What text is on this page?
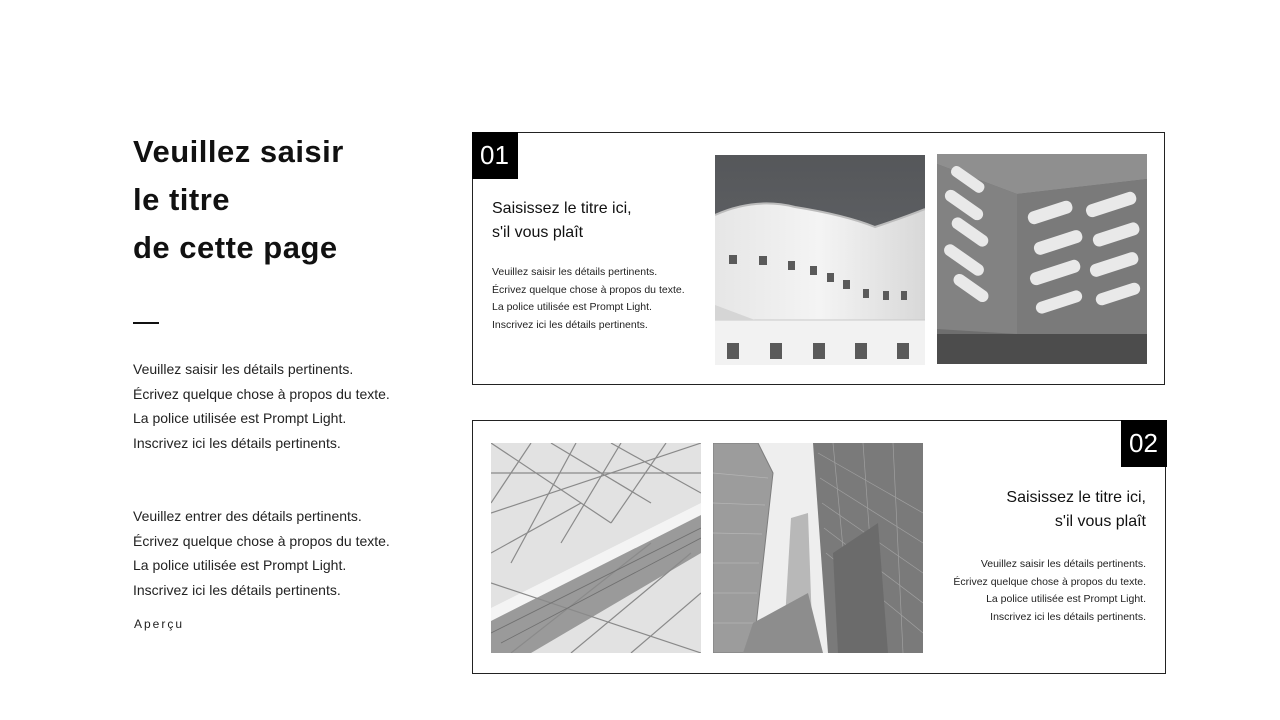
Veuillez saisir
le titre
de cette page

Veuillez saisir les détails pertinents.
Écrivez quelque chose à propos du texte.
La police utilisée est Prompt Light.
Inscrivez ici les détails pertinents.

Veuillez entrer des détails pertinents.
Écrivez quelque chose à propos du texte.
La police utilisée est Prompt Light.
Inscrivez ici les détails pertinents.

Aperçu
01
Saisissez le titre ici,
s'il vous plaît

Veuillez saisir les détails pertinents.
Écrivez quelque chose à propos du texte.
La police utilisée est Prompt Light.
Inscrivez ici les détails pertinents.

02
Saisissez le titre ici,
s'il vous plaît

Veuillez saisir les détails pertinents.
Écrivez quelque chose à propos du texte.
La police utilisée est Prompt Light.
Inscrivez ici les détails pertinents.
